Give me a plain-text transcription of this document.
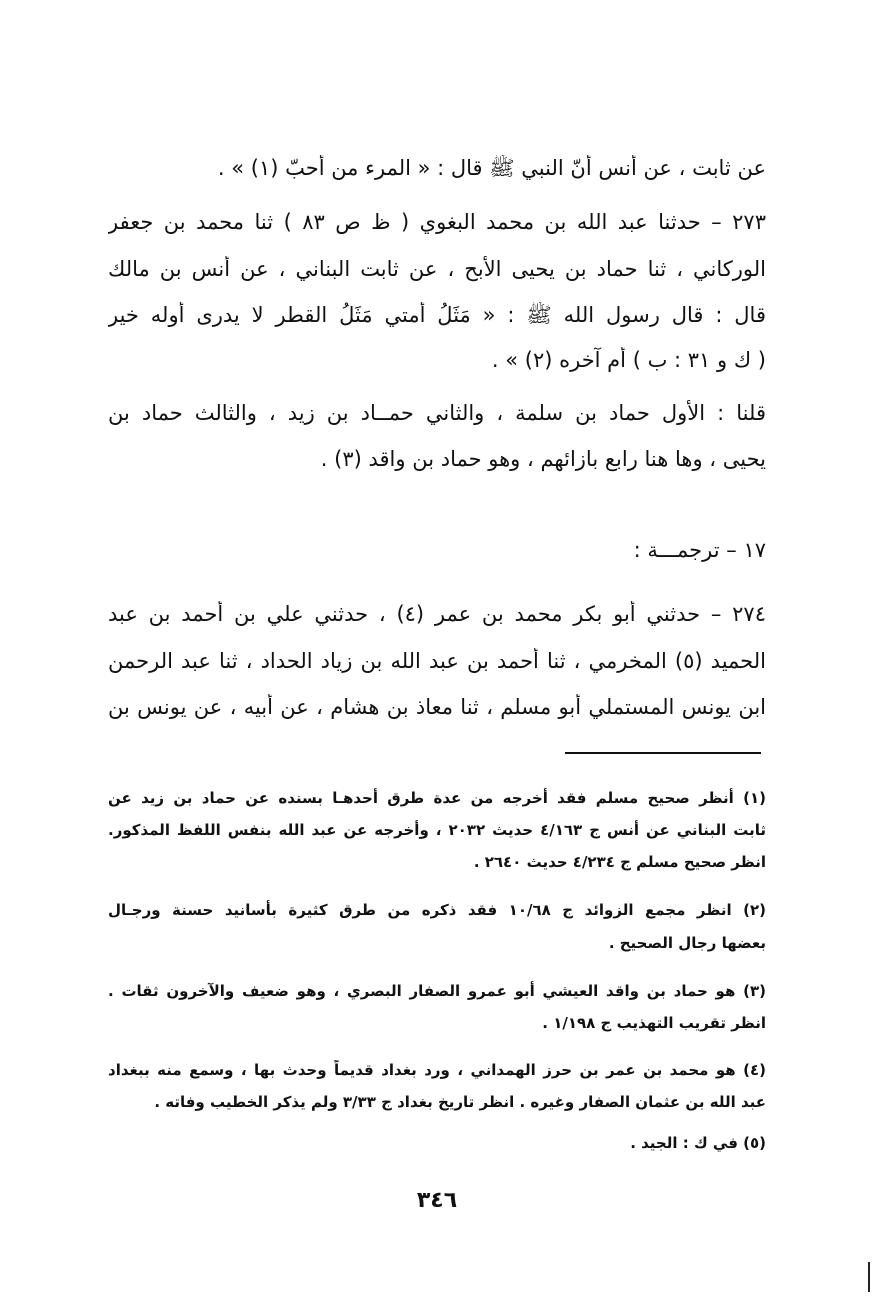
عن ثابت ، عن أنس أنّ النبي ﷺ قال : « المرء من أحبّ (١) » .
٢٧٣ – حدثنا عبد الله بن محمد البغوي ( ظ ص ٨٣ ) ثنا محمد بن جعفر
الوركاني ، ثنا حماد بن يحيى الأبح ، عن ثابت البناني ، عن أنس بن مالك
قال : قال رسول الله ﷺ : « مَثَلُ أمتي مَثَلُ القطر لا يدرى أوله خير
( ك و ٣١ : ب ) أم آخره (٢) » .
قلنا : الأول حماد بن سلمة ، والثاني حمــاد بن زيد ، والثالث حماد بن
يحيى ، وها هنا رابع بازائهم ، وهو حماد بن واقد (٣) .
١٧ – ترجمـــة :
٢٧٤ – حدثني أبو بكر محمد بن عمر (٤) ، حدثني علي بن أحمد بن عبد
الحميد (٥) المخرمي ، ثنا أحمد بن عبد الله بن زياد الحداد ، ثنا عبد الرحمن
ابن يونس المستملي أبو مسلم ، ثنا معاذ بن هشام ، عن أبيه ، عن يونس بن
(١) أنظر صحيح مسلم فقد أخرجه من عدة طرق أحدهـا بسنده عن حماد بن زيد عن
ثابت البناني عن أنس ج ٤/١٦٣ حديث ٢٠٣٢ ، وأخرجه عن عبد الله بنفس اللفظ المذكور.
انظر صحيح مسلم ج ٤/٢٣٤ حديث ٢٦٤٠ .
(٢) انظر مجمع الزوائد ج ١٠/٦٨ فقد ذكره من طرق كثيرة بأسانيد حسنة ورجـال
بعضها رجال الصحيح .
(٣) هو حماد بن واقد العيشي أبو عمرو الصفار البصري ، وهو ضعيف والآخرون ثقات .
انظر تقريب التهذيب ج ١/١٩٨ .
(٤) هو محمد بن عمر بن حرز الهمداني ، ورد بغداد قديماً وحدث بها ، وسمع منه ببغداد
عبد الله بن عثمان الصفار وغيره . انظر تاريخ بغداد ج ٣/٣٣ ولم يذكر الخطيب وفاته .
(٥) في ك : الجيد .
٣٤٦
